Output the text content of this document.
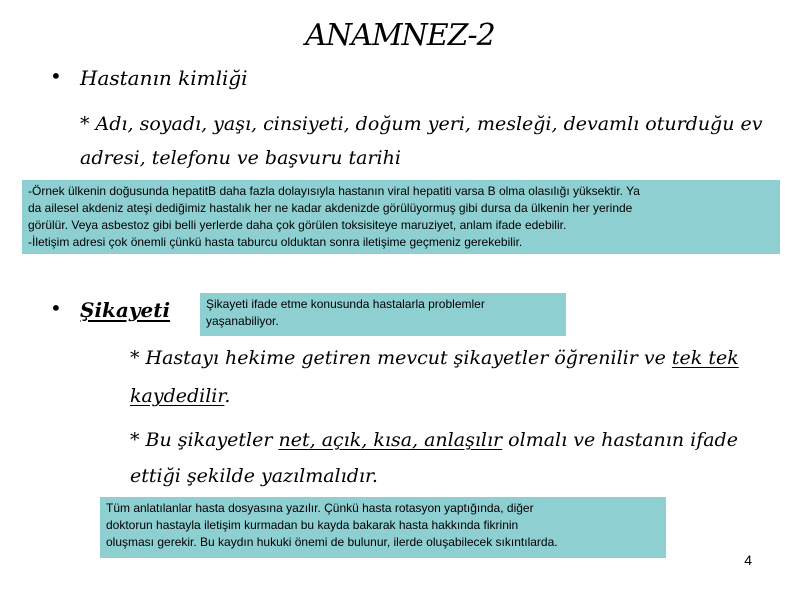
ANAMNEZ-2
• Hastanın kimliği
* Adı, soyadı, yaşı, cinsiyeti, doğum yeri, mesleği, devamlı oturduğu ev
adresi, telefonu ve başvuru tarihi
-Örnek ülkenin doğusunda hepatitB daha fazla dolayısıyla hastanın viral hepatiti varsa B olma olasılığı yüksektir. Ya
da ailesel akdeniz ateşi dediğimiz hastalık her ne kadar akdenizde görülüyormuş gibi dursa da ülkenin her yerinde
görülür. Veya asbestoz gibi belli yerlerde daha çok görülen toksisiteye maruziyet, anlam ifade edebilir.
-İletişim adresi çok önemli çünkü hasta taburcu olduktan sonra iletişime geçmeniz gerekebilir.
• Şikayeti	Şikayeti ifade etme konusunda hastalarla problemler
yaşanabiliyor.
* Hastayı hekime getiren mevcut şikayetler öğrenilir ve tek tek
kaydedilir.
* Bu şikayetler net, açık, kısa, anlaşılır olmalı ve hastanın ifade
ettiği şekilde yazılmalıdır.
Tüm anlatılanlar hasta dosyasına yazılır. Çünkü hasta rotasyon yaptığında, diğer
doktorun hastayla iletişim kurmadan bu kayda bakarak hasta hakkında fikrinin
oluşması gerekir. Bu kaydın hukuki önemi de bulunur, ilerde oluşabilecek sıkıntılarda.
4
